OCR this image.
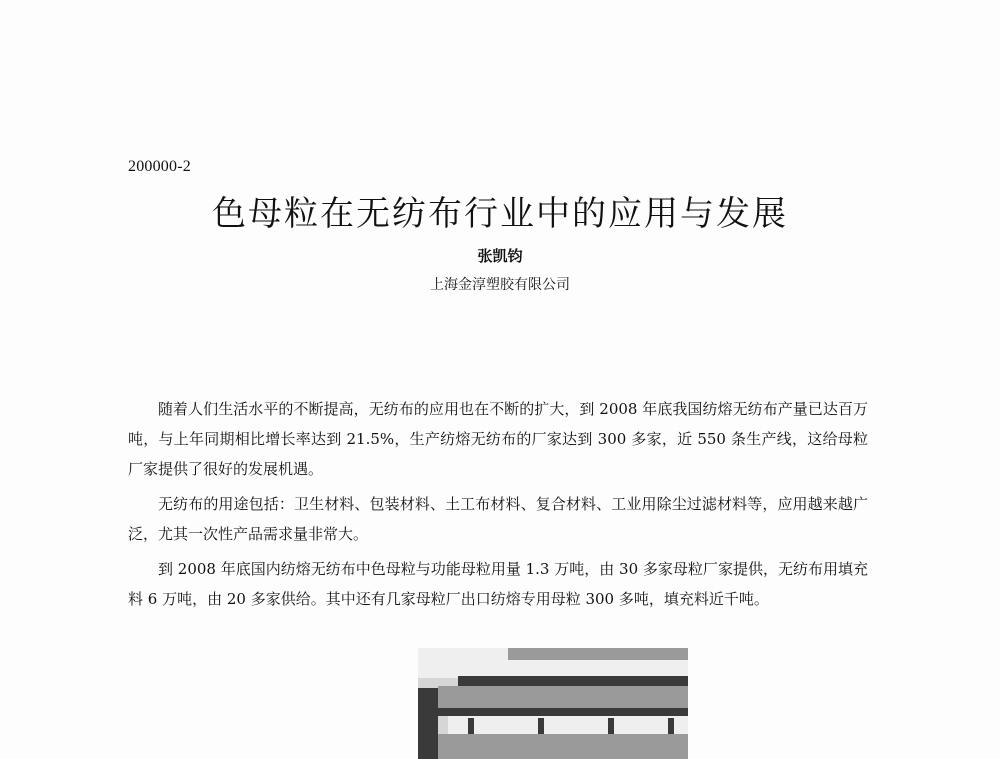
200000-2
色母粒在无纺布行业中的应用与发展
张凯钧
上海金淳塑胶有限公司

随着人们生活水平的不断提高，无纺布的应用也在不断的扩大，到 2008 年底我国纺熔无纺布产量已达百万吨，与上年同期相比增长率达到 21.5%，生产纺熔无纺布的厂家达到 300 多家，近 550 条生产线，这给母粒厂家提供了很好的发展机遇。

无纺布的用途包括：卫生材料、包装材料、土工布材料、复合材料、工业用除尘过滤材料等，应用越来越广泛，尤其一次性产品需求量非常大。

到 2008 年底国内纺熔无纺布中色母粒与功能母粒用量 1.3 万吨，由 30 多家母粒厂家提供，无纺布用填充料 6 万吨，由 20 多家供给。其中还有几家母粒厂出口纺熔专用母粒 300 多吨，填充料近千吨。
